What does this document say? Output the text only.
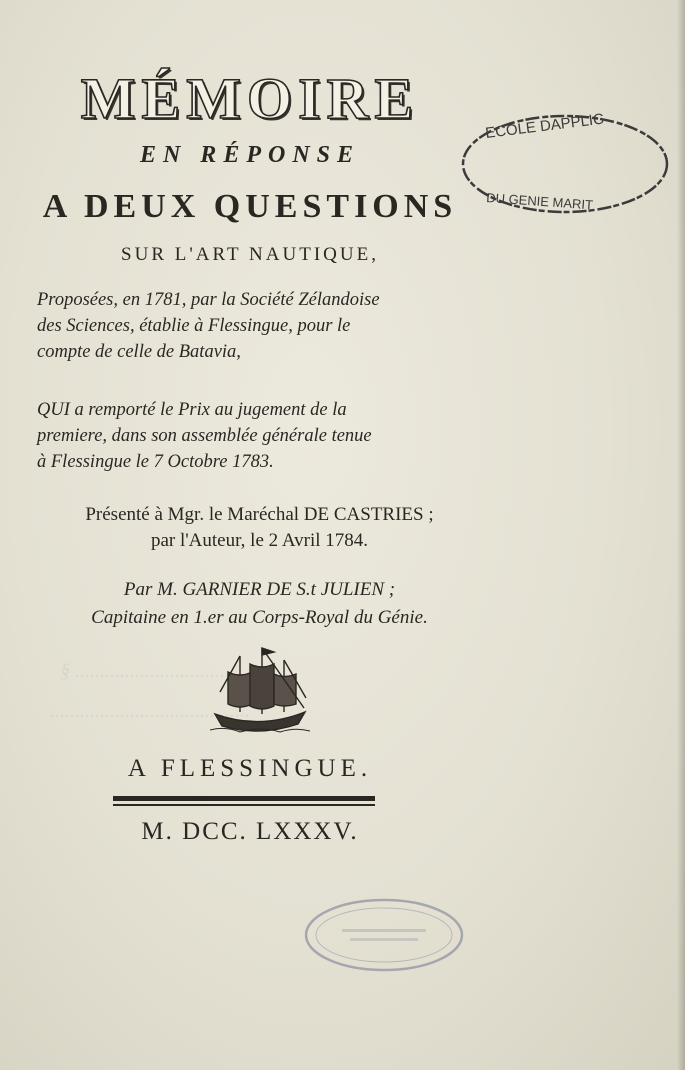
§ ........................................
........................................
MÉMOIRE
EN RÉPONSE
A DEUX QUESTIONS
SUR L'ART NAUTIQUE,
Proposées, en 1781, par la Société Zélandoise
des Sciences, établie à Flessingue, pour le
compte de celle de Batavia,
QUI a remporté le Prix au jugement de la
premiere, dans son assemblée générale tenue
à Flessingue le 7 Octobre 1783.
Présenté à Mgr. le Maréchal DE CASTRIES ;
par l'Auteur, le 2 Avril 1784.
Par M. GARNIER DE S.t JULIEN ;
Capitaine en 1.er au Corps-Royal du Génie.
A FLESSINGUE.
M. DCC. LXXXV.
ECOLE DAPPLIC
DU GENIE MARIT
